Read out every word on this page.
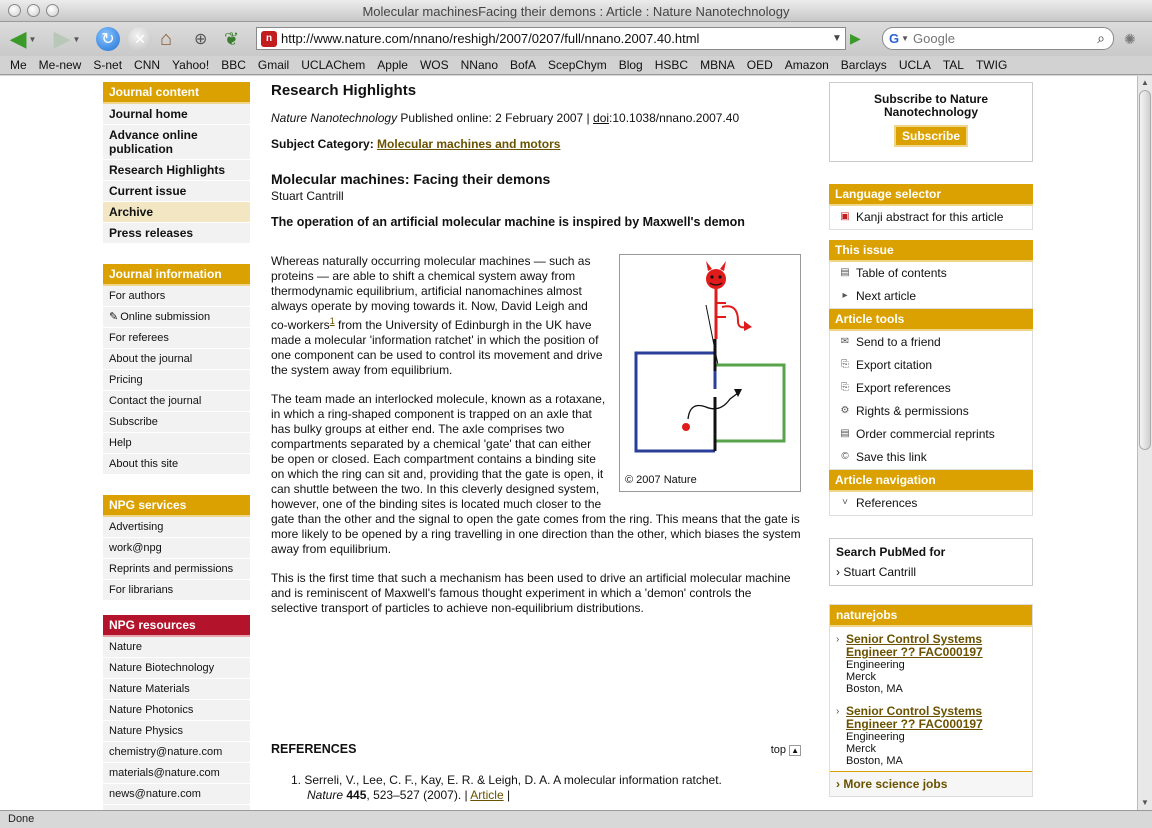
Molecular machinesFacing their demons : Article : Nature Nanotechnology
◀ ▼ ▶ ▼	↻	✕ ⌂ ⊕ ❦	n http://www.nature.com/nnano/reshigh/2007/0207/full/nnano.2007.40.html	▼ ▶ G ▼
Google	⌕ ✺
Me Me-new S-net CNN Yahoo! BBC Gmail UCLAChem Apple WOS NNano BofA ScepChym Blog HSBC MBNA OED Amazon Barclays UCLA TAL TWIG
Journal content
Journal home
Advance online publication
Research Highlights
Current issue
Archive
Press releases
Journal information
For authors
✎ Online submission
For referees
About the journal
Pricing
Contact the journal
Subscribe
Help
About this site
NPG services
Advertising
work@npg
Reprints and permissions
For librarians
NPG resources
Nature
Nature Biotechnology
Nature Materials
Nature Photonics
Nature Physics
chemistry@nature.com
materials@nature.com
news@nature.com
Research Highlights
Nature Nanotechnology Published online: 2 February 2007 | doi:10.1038/nnano.2007.40
Subject Category: Molecular machines and motors
Molecular machines: Facing their demons
Stuart Cantrill
The operation of an artificial molecular machine is inspired by Maxwell's demon
© 2007 Nature

Whereas naturally occurring molecular machines — such as proteins — are able to shift a chemical system away from thermodynamic equilibrium, artificial nanomachines almost always operate by moving towards it. Now, David Leigh and co-workers$^1$ from the University of Edinburgh in the UK have made a molecular 'information ratchet' in which the position of one component can be used to control its movement and drive the system away from equilibrium.

The team made an interlocked molecule, known as a rotaxane, in which a ring-shaped component is trapped on an axle that has bulky groups at either end. The axle comprises two compartments separated by a chemical 'gate' that can either be open or closed. Each compartment contains a binding site on which the ring can sit and, providing that the gate is open, it can shuttle between the two. In this cleverly designed system, however, one of the binding sites is located much closer to the gate than the other and the signal to open the gate comes from the ring. This means that the gate is more likely to be opened by a ring travelling in one direction than the other, which biases the system away from equilibrium.

This is the first time that such a mechanism has been used to drive an artificial molecular machine and is reminiscent of Maxwell's famous thought experiment in which a 'demon' controls the selective transport of particles to achieve non-equilibrium distributions.

REFERENCES	top ▲
1. Serreli, V., Lee, C. F., Kay, E. R. & Leigh, D. A. A molecular information ratchet.
Nature 445, 523–527 (2007). | Article |
Subscribe to Nature Nanotechnology
Subscribe
Language selector
▣ Kanji abstract for this article
This issue
▤ Table of contents
▸ Next article
Article tools
✉ Send to a friend
⎘ Export citation
⎘ Export references
⚙ Rights & permissions
▤ Order commercial reprints
© Save this link
Article navigation
˅ References
Search PubMed for
› Stuart Cantrill
naturejobs
› Senior Control Systems Engineer ?? FAC000197
Engineering
Merck
Boston, MA
› Senior Control Systems Engineer ?? FAC000197
Engineering
Merck
Boston, MA
› More science jobs
▲
▼
Done
